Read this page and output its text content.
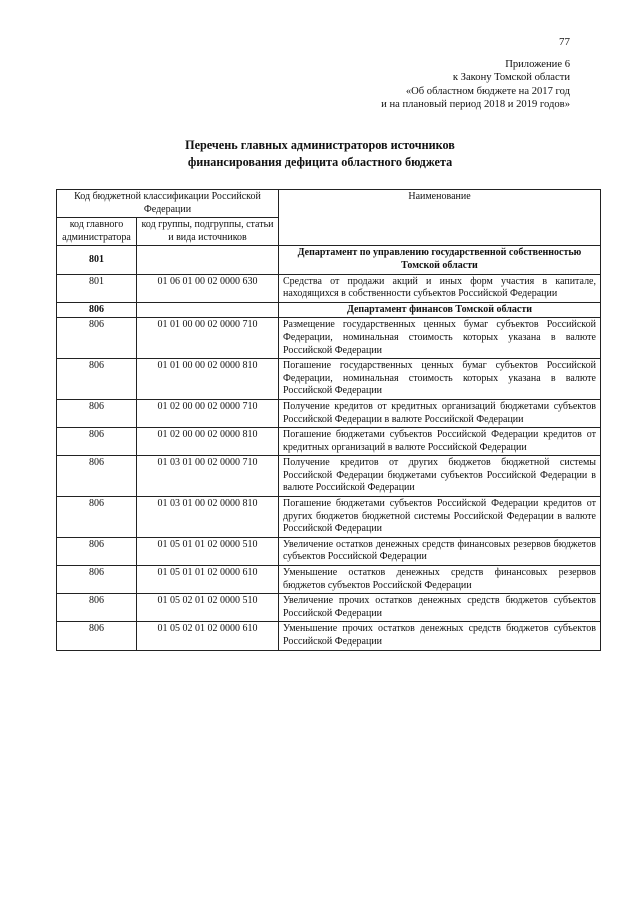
77
Приложение 6
к Закону Томской области
«Об областном бюджете на 2017 год
и на плановый период 2018 и 2019 годов»
Перечень главных администраторов источников
финансирования дефицита областного бюджета
Код бюджетной классификации Российской Федерации		Наименование
код главного администратора	код группы, подгруппы, статьи и вида источников	
801		Департамент по управлению государственной собственностью Томской области
801	01 06 01 00 02 0000 630	Средства от продажи акций и иных форм участия в капитале, находящихся в собственности субъектов Российской Федерации
806		Департамент финансов Томской области
806	01 01 00 00 02 0000 710	Размещение государственных ценных бумаг субъектов Российской Федерации, номинальная стоимость которых указана в валюте Российской Федерации
806	01 01 00 00 02 0000 810	Погашение государственных ценных бумаг субъектов Российской Федерации, номинальная стоимость которых указана в валюте Российской Федерации
806	01 02 00 00 02 0000 710	Получение кредитов от кредитных организаций бюджетами субъектов Российской Федерации в валюте Российской Федерации
806	01 02 00 00 02 0000 810	Погашение бюджетами субъектов Российской Федерации кредитов от кредитных организаций в валюте Российской Федерации
806	01 03 01 00 02 0000 710	Получение кредитов от других бюджетов бюджетной системы Российской Федерации бюджетами субъектов Российской Федерации в валюте Российской Федерации
806	01 03 01 00 02 0000 810	Погашение бюджетами субъектов Российской Федерации кредитов от других бюджетов бюджетной системы Российской Федерации в валюте Российской Федерации
806	01 05 01 01 02 0000 510	Увеличение остатков денежных средств финансовых резервов бюджетов субъектов Российской Федерации
806	01 05 01 01 02 0000 610	Уменьшение остатков денежных средств финансовых резервов бюджетов субъектов Российской Федерации
806	01 05 02 01 02 0000 510	Увеличение прочих остатков денежных средств бюджетов субъектов Российской Федерации
806	01 05 02 01 02 0000 610	Уменьшение прочих остатков денежных средств бюджетов субъектов Российской Федерации
